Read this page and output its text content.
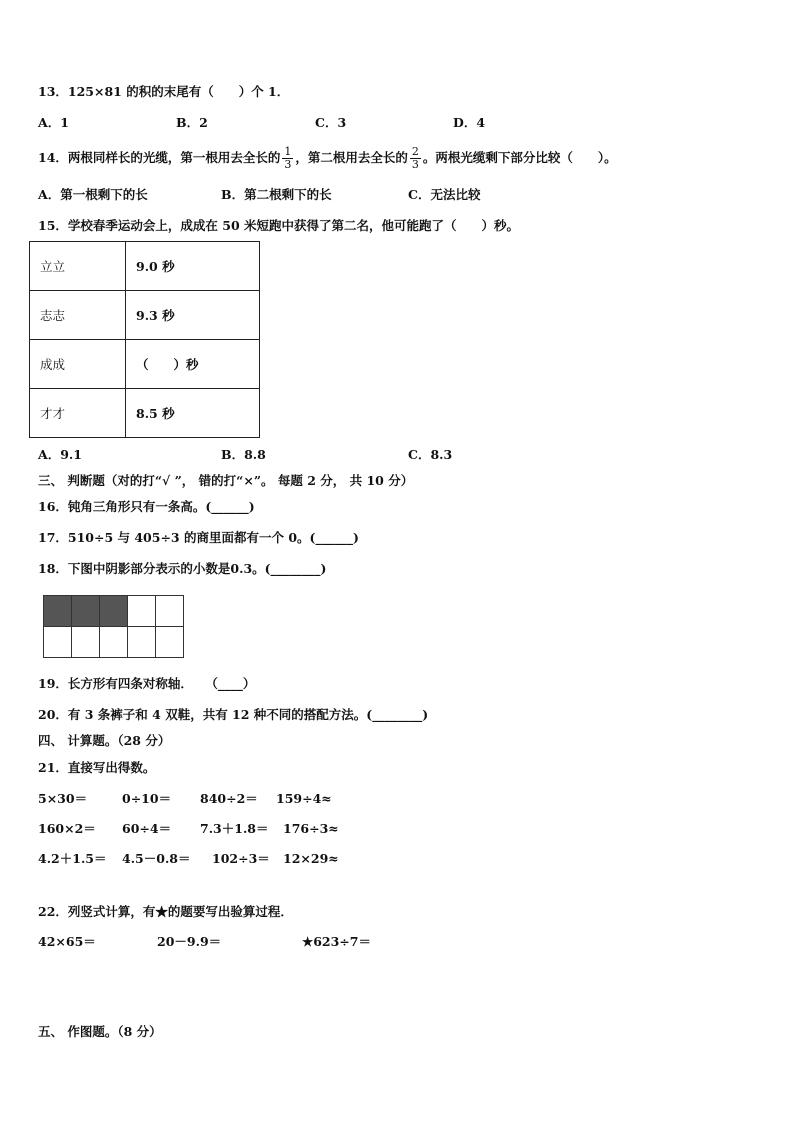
13．125×81 的积的末尾有（　　）个 1．
A．1	B．2	C．3	D．4
14．两根同样长的光缆，第一根用去全长的 $\frac{1}{3}$ ，第二根用去全长的 $\frac{2}{3}$ 。两根光缆剩下部分比较（　　）。
A．第一根剩下的长	B．第二根剩下的长	C．无法比较
15．学校春季运动会上，成成在 50 米短跑中获得了第二名，他可能跑了（　　）秒。
立立	9.0 秒
志志	9.3 秒
成成	（　　）秒
才才	8.5 秒
A．9.1	B．8.8	C．8.3
三、 判断题（对的打“√ ”， 错的打“×”。 每题 2 分， 共 10 分）
16．钝角三角形只有一条高。(______)
17．510÷5 与 405÷3 的商里面都有一个 0。(______)
18．下图中阴影部分表示的小数是0.3。(________)

19．长方形有四条对称轴．　　（____）
20．有 3 条裤子和 4 双鞋，共有 12 种不同的搭配方法。(________)
四、 计算题。（28 分）
21．直接写出得数。
5×30＝	0÷10＝ 840÷2＝ 159÷4≈
160×2＝ 60÷4＝ 7.3＋1.8＝ 176÷3≈
4.2＋1.5＝ 4.5－0.8＝ 102÷3＝ 12×29≈
22．列竖式计算，有★的题要写出验算过程．
42×65＝	20－9.9＝	★623÷7＝
五、 作图题。（8 分）
